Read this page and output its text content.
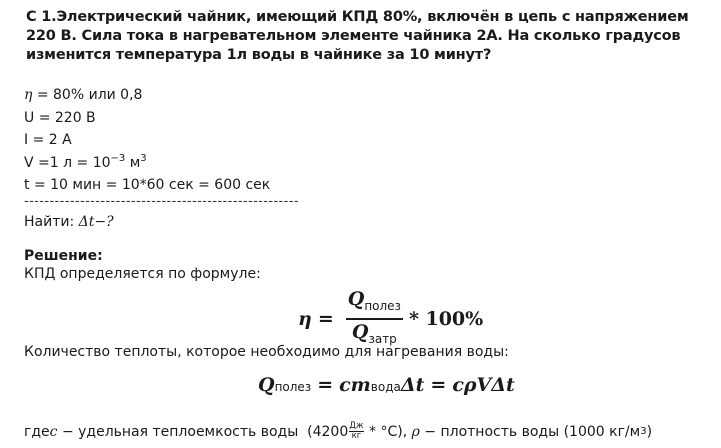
С 1.Электрический чайник, имеющий КПД 80%, включён в цепь с напряжением 220 В. Сила тока в нагревательном элементе чайника 2А. На сколько градусов изменится температура 1л воды в чайнике за 10 минут?
η = 80% или 0,8
U = 220 В
I = 2 А
V =1 $л = 10^{-3}$ $м^3$
t = 10 мин = 10*60 сек = 600 сек
------------------------------------------------------
Найти: Δt−?
Решение:
КПД определяется по формуле:
$\eta = \frac{Q_{полез}}{Q_{затр}} * 100\%$
Количество теплоты, которое необходимо для нагревания воды:
Q полез = cm вода Δt = cρVΔt
где c − удельная теплоемкость воды  $(4200 \frac{Дж}{кг} * ^\circ C)$, ρ − плотность воды (1000 кг/м 3 )
